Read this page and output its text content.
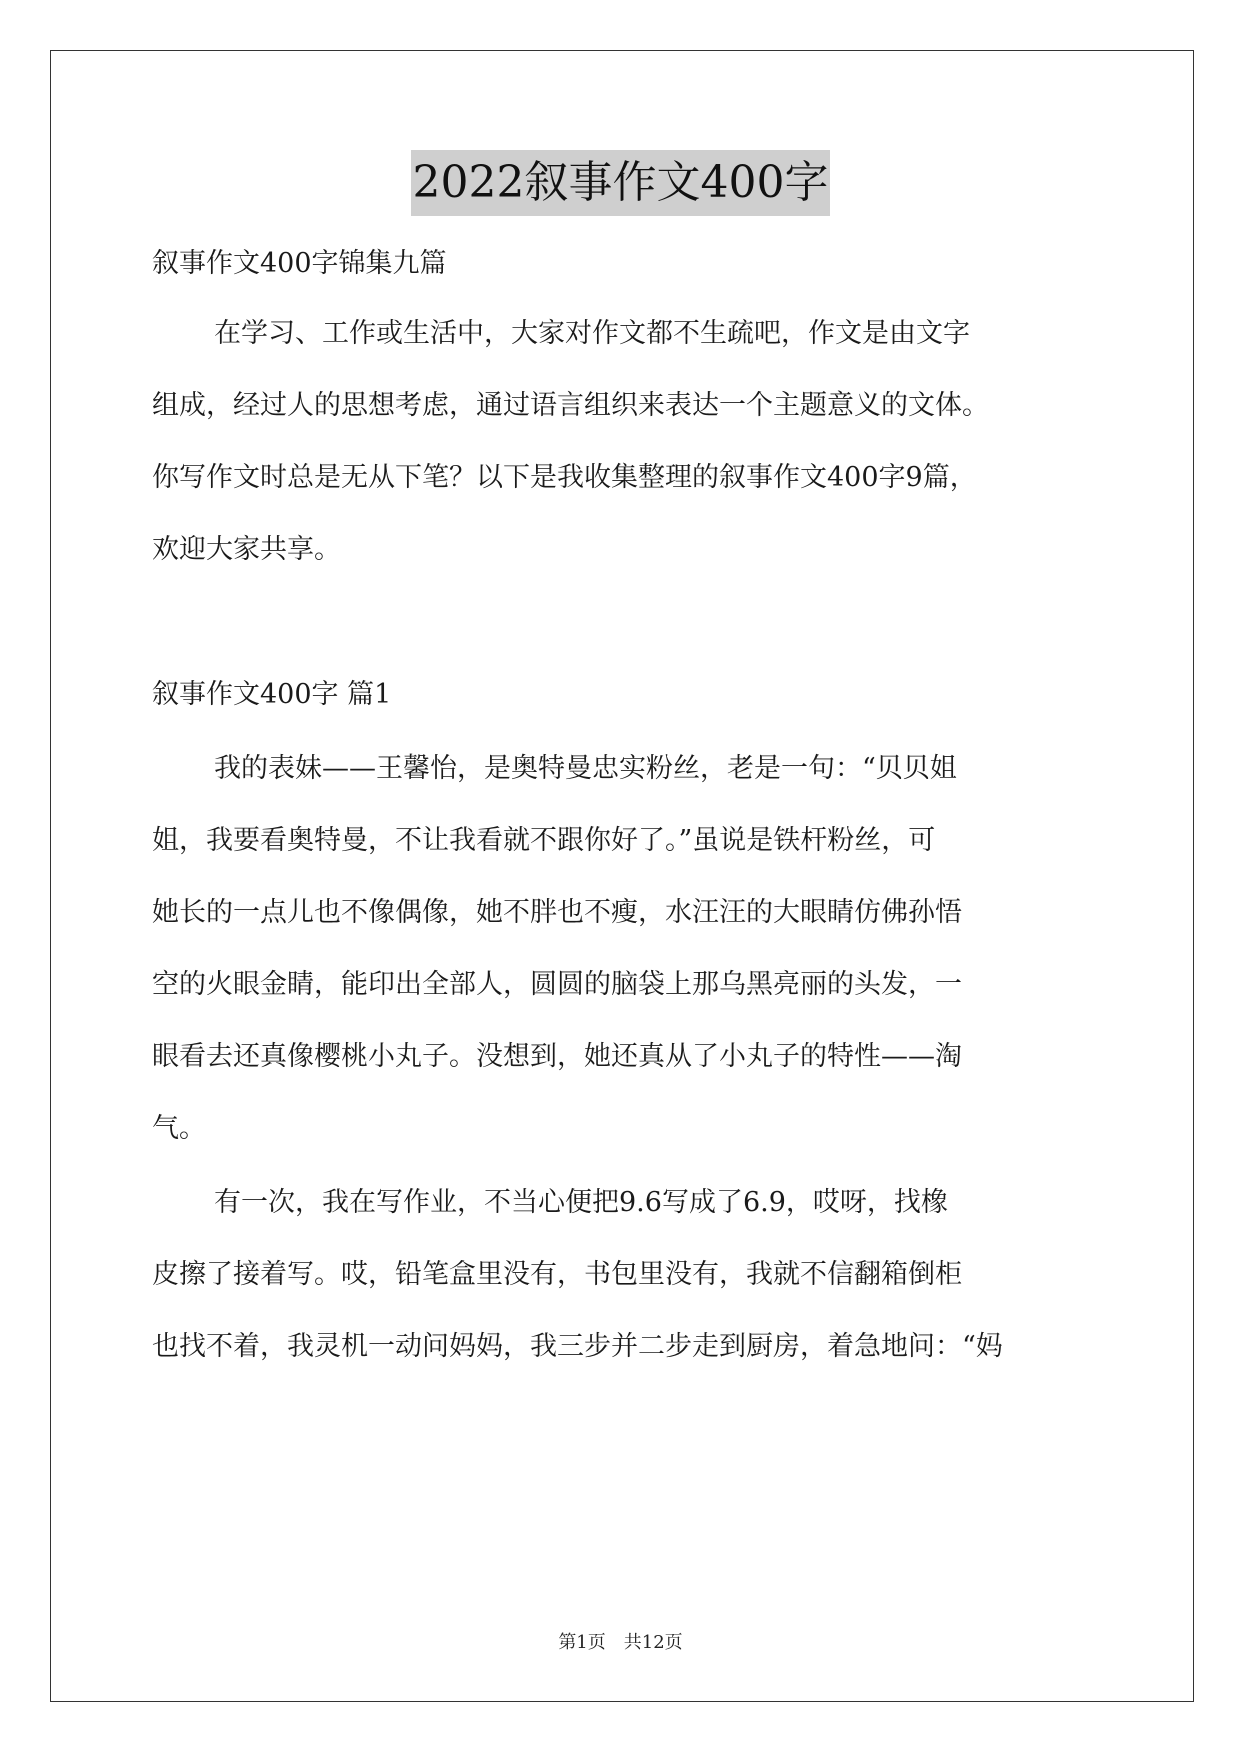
2022叙事作文400字
叙事作文400字锦集九篇
在学习、工作或生活中，大家对作文都不生疏吧，作文是由文字
组成，经过人的思想考虑，通过语言组织来表达一个主题意义的文体。
你写作文时总是无从下笔？以下是我收集整理的叙事作文400字9篇，
欢迎大家共享。
叙事作文400字 篇1
我的表妹——王馨怡，是奥特曼忠实粉丝，老是一句：“贝贝姐
姐，我要看奥特曼，不让我看就不跟你好了。”虽说是铁杆粉丝，可
她长的一点儿也不像偶像，她不胖也不瘦，水汪汪的大眼睛仿佛孙悟
空的火眼金睛，能印出全部人，圆圆的脑袋上那乌黑亮丽的头发，一
眼看去还真像樱桃小丸子。没想到，她还真从了小丸子的特性——淘
气。
有一次，我在写作业，不当心便把9.6写成了6.9，哎呀，找橡
皮擦了接着写。哎，铅笔盒里没有，书包里没有，我就不信翻箱倒柜
也找不着，我灵机一动问妈妈，我三步并二步走到厨房，着急地问：“妈
第1页　共12页
